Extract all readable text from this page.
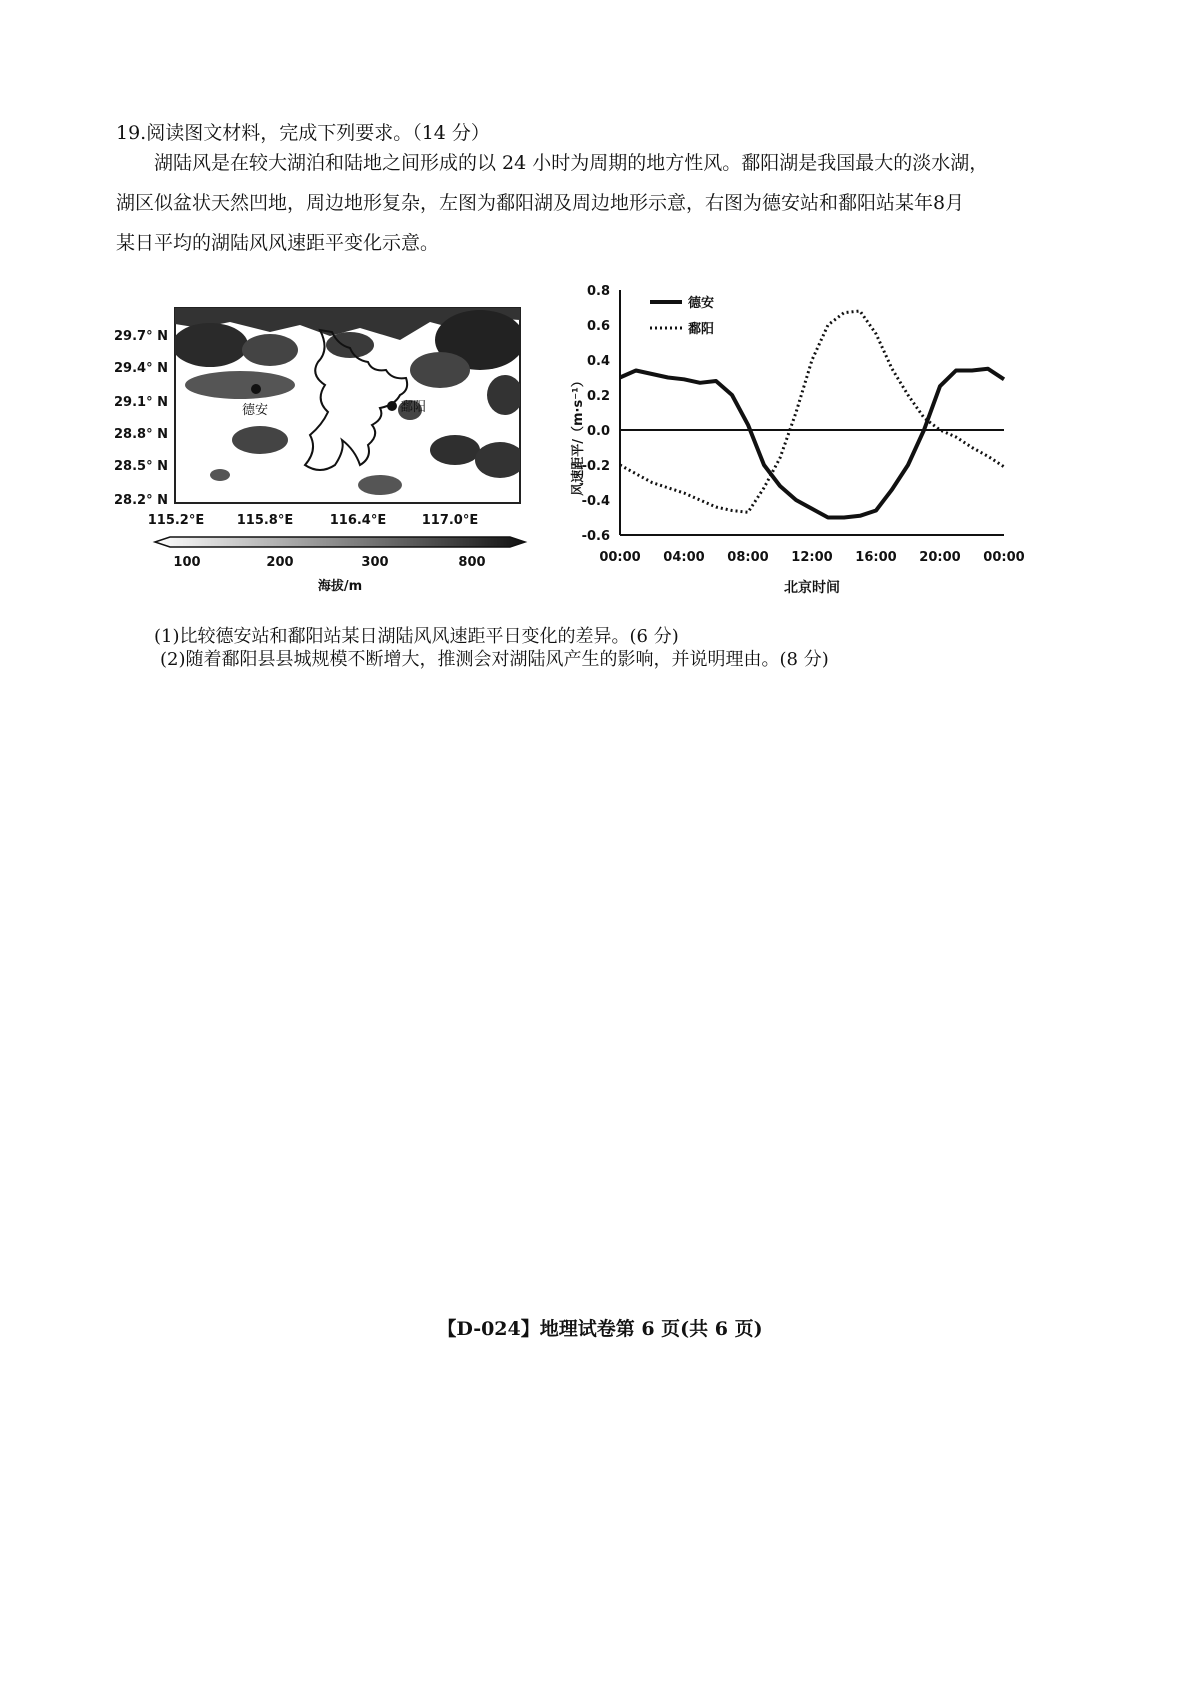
19.阅读图文材料，完成下列要求。（14 分）
湖陆风是在较大湖泊和陆地之间形成的以 24 小时为周期的地方性风。鄱阳湖是我国最大的淡水湖，
湖区似盆状天然凹地，周边地形复杂，左图为鄱阳湖及周边地形示意，右图为德安站和鄱阳站某年8月
某日平均的湖陆风风速距平变化示意。
德安	鄱阳
29.7° N
29.4° N
29.1° N
28.8° N
28.5° N
28.2° N
115.2°E 115.8°E	116.4°E	117.0°E
100	200	300	800
海拔/m
0.8
0.6
0.4
0.2
0.0
-0.2
-0.4
-0.6
00:00 04:00 08:00 12:00 16:00 20:00 00:00
风速距平/（m·s⁻¹）
北京时间
德安
鄱阳
(1)比较德安站和鄱阳站某日湖陆风风速距平日变化的差异。(6 分)
(2)随着鄱阳县县城规模不断增大，推测会对湖陆风产生的影响，并说明理由。(8 分)
【D-024】地理试卷第 6 页(共 6 页)
